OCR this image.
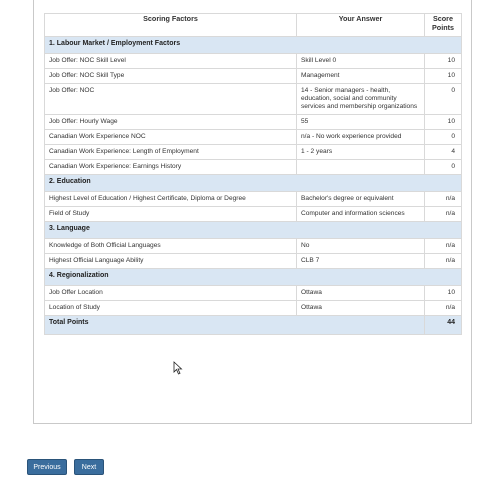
Scoring Factors	Your Answer	Score Points
1. Labour Market / Employment Factors		
Job Offer: NOC Skill Level	Skill Level 0	10
Job Offer: NOC Skill Type	Management	10
Job Offer: NOC	14 - Senior managers - health, education, social and community services and membership organizations	0
Job Offer: Hourly Wage	55	10
Canadian Work Experience NOC	n/a - No work experience provided	0
Canadian Work Experience: Length of Employment	1 - 2 years	4
Canadian Work Experience: Earnings History		0
2. Education		
Highest Level of Education / Highest Certificate, Diploma or Degree	Bachelor's degree or equivalent	n/a
Field of Study	Computer and information sciences	n/a
3. Language		
Knowledge of Both Official Languages	No	n/a
Highest Official Language Ability	CLB 7	n/a
4. Regionalization		
Job Offer Location	Ottawa	10
Location of Study	Ottawa	n/a
Total Points		44
Previous	Next
